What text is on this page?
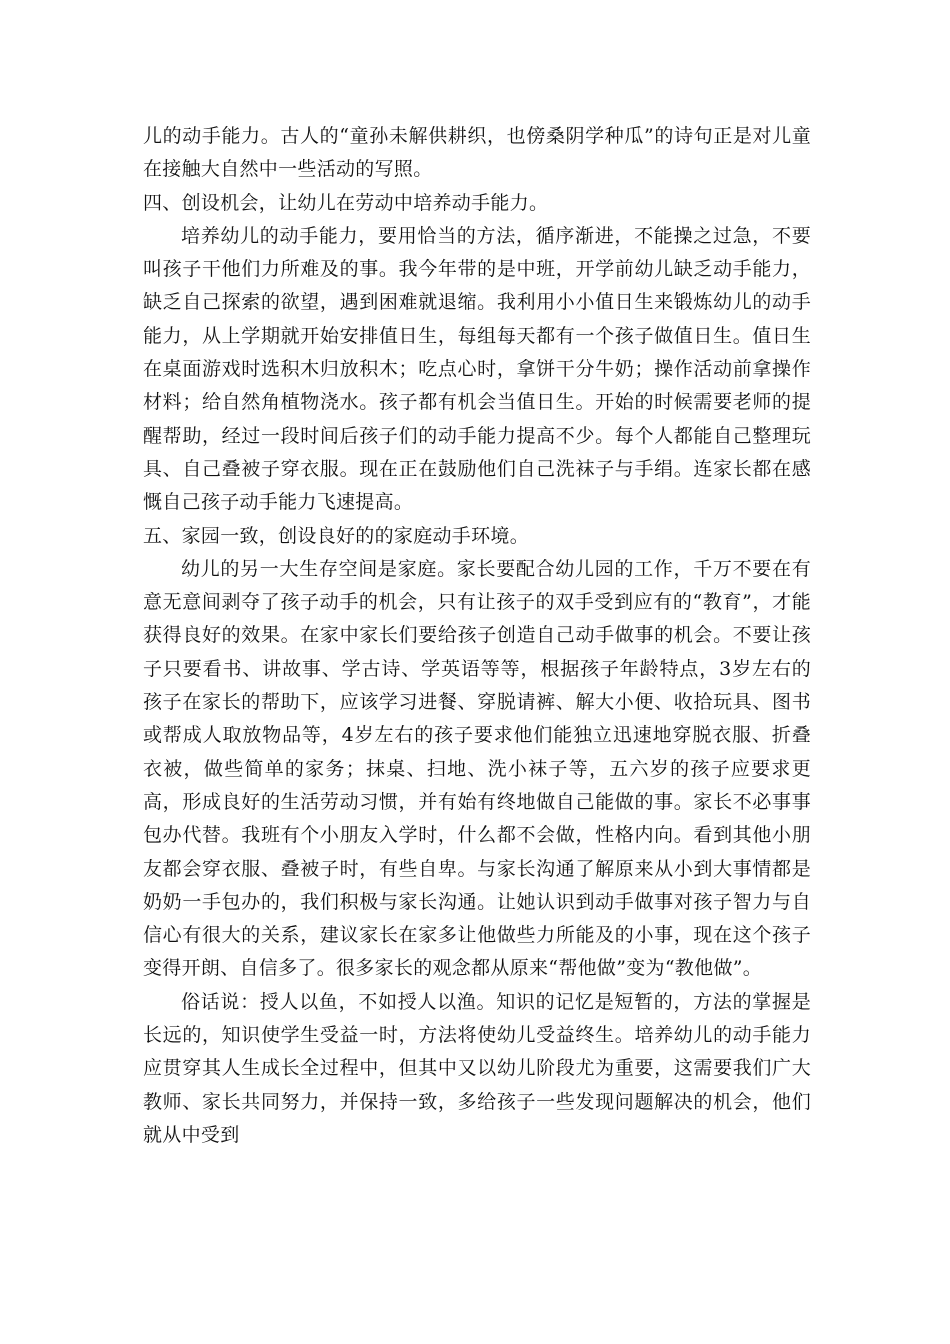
儿的动手能力。古人的“童孙未解供耕织，也傍桑阴学种瓜”的诗句正是对儿童在接触大自然中一些活动的写照。

四、创设机会，让幼儿在劳动中培养动手能力。

培养幼儿的动手能力，要用恰当的方法，循序渐进，不能操之过急，不要叫孩子干他们力所难及的事。我今年带的是中班，开学前幼儿缺乏动手能力，缺乏自己探索的欲望，遇到困难就退缩。我利用小小值日生来锻炼幼儿的动手能力，从上学期就开始安排值日生，每组每天都有一个孩子做值日生。值日生在桌面游戏时选积木归放积木；吃点心时，拿饼干分牛奶；操作活动前拿操作材料；给自然角植物浇水。孩子都有机会当值日生。开始的时候需要老师的提醒帮助，经过一段时间后孩子们的动手能力提高不少。每个人都能自己整理玩具、自己叠被子穿衣服。现在正在鼓励他们自己洗袜子与手绢。连家长都在感慨自己孩子动手能力飞速提高。

五、家园一致，创设良好的的家庭动手环境。

幼儿的另一大生存空间是家庭。家长要配合幼儿园的工作，千万不要在有意无意间剥夺了孩子动手的机会，只有让孩子的双手受到应有的“教育”，才能获得良好的效果。在家中家长们要给孩子创造自己动手做事的机会。不要让孩子只要看书、讲故事、学古诗、学英语等等，根据孩子年龄特点，3岁左右的孩子在家长的帮助下，应该学习进餐、穿脱请裤、解大小便、收拾玩具、图书或帮成人取放物品等，4岁左右的孩子要求他们能独立迅速地穿脱衣服、折叠衣被，做些简单的家务；抹桌、扫地、洗小袜子等，五六岁的孩子应要求更高，形成良好的生活劳动习惯，并有始有终地做自己能做的事。家长不必事事包办代替。我班有个小朋友入学时，什么都不会做，性格内向。看到其他小朋友都会穿衣服、叠被子时，有些自卑。与家长沟通了解原来从小到大事情都是奶奶一手包办的，我们积极与家长沟通。让她认识到动手做事对孩子智力与自信心有很大的关系，建议家长在家多让他做些力所能及的小事，现在这个孩子变得开朗、自信多了。很多家长的观念都从原来“帮他做”变为“教他做”。

俗话说：授人以鱼，不如授人以渔。知识的记忆是短暂的，方法的掌握是长远的，知识使学生受益一时，方法将使幼儿受益终生。培养幼儿的动手能力应贯穿其人生成长全过程中，但其中又以幼儿阶段尤为重要，这需要我们广大教师、家长共同努力，并保持一致，多给孩子一些发现问题解决的机会，他们就从中受到
